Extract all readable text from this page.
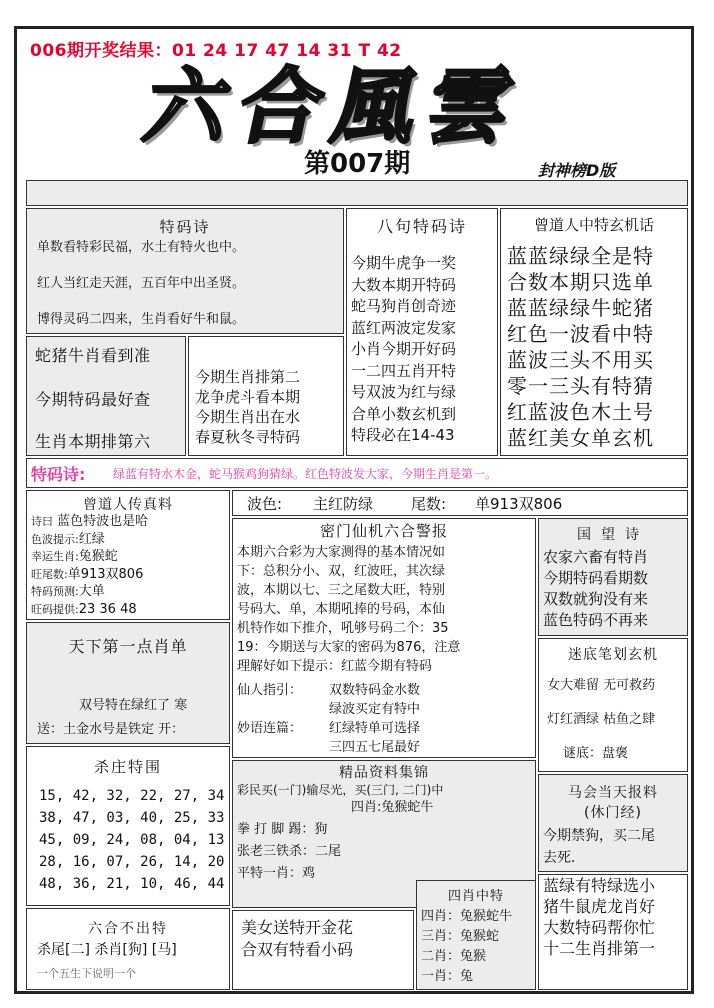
六合風雲
006期开奖结果：01 24 17 47 14 31 T 42
第007期	封神榜D版
特码诗
单数看特彩民福，水土有特火也中。
红人当红走天涯，五百年中出圣贤。
博得灵码二四来，生肖看好牛和鼠。
蛇猪牛肖看到准
今期特码最好查
生肖本期排第六
今期生肖排第二
龙争虎斗看本期
今期生肖出在水
春夏秋冬寻特码
八句特码诗
今期牛虎争一奖
大数本期开特码
蛇马狗肖创奇迹
蓝红两波定发家
小肖今期开好码
一二四五肖开特
号双波为红与绿
合单小数玄机到
特段必在14-43
曾道人中特玄机话
蓝蓝绿绿全是特
合数本期只选单
蓝蓝绿绿牛蛇猪
红色一波看中特
蓝波三头不用买
零一三头有特猜
红蓝波色木土号
蓝红美女单玄机
特码诗: 绿蓝有特水木金，蛇马猴鸡狗猜绿。红色特波发大家，今期生肖是第一。
曾道人传真料
诗曰 蓝色特波也是哈
色波提示:红绿
幸运生肖:兔猴蛇
旺尾数:单913双806
特码预测:大单
旺码提供:23 36 48
天下第一点肖单
双号特在绿红了 寒
送：土金水号是铁定 开：
杀庄特围
15, 42, 32, 22, 27, 34
38, 47, 03, 40, 25, 33
45, 09, 24, 08, 04, 13
28, 16, 07, 26, 14, 20
48, 36, 21, 10, 46, 44
六合不出特
杀尾[二] 杀肖[狗] [马]
一个五生下说明一个
波色: 主红防绿	尾数: 单913双806
密门仙机六合警报
本期六合彩为大家测得的基本情况如
下：总积分小、双，红波旺，其次绿
波，本期以七、三之尾数大旺，特别
号码大、单，本期吼捧的号码，本仙
机特作如下推介，吼够号码二个：35
19：今期送与大家的密码为876，注意
理解好如下提示：红蓝今期有特码
仙人指引： 双数特码金水数
妙语连篇：
绿波买定有特中
红绿特单可选择
三四五七尾最好
精品资料集锦
彩民买(一门)输尽光，买(三门, 二门)中
四肖:兔猴蛇牛
拳 打 脚 踢：狗
张老三铁杀：二尾
平特一肖：鸡
美女送特开金花
合双有特看小码
四肖中特
四肖：兔猴蛇牛
三肖：兔猴蛇
二肖：兔猴
一肖：兔
国望诗
农家六畜有特肖
今期特码看期数
双数就狗没有来
蓝色特码不再来
迷底笔划玄机
女大难留 无可救药
灯红酒绿 枯鱼之肆
谜底：盘褒
马会当天报料
(休门经)
今期禁狗，买二尾
去死.
蓝绿有特绿选小
猪牛鼠虎龙肖好
大数特码帮你忙
十二生肖排第一
